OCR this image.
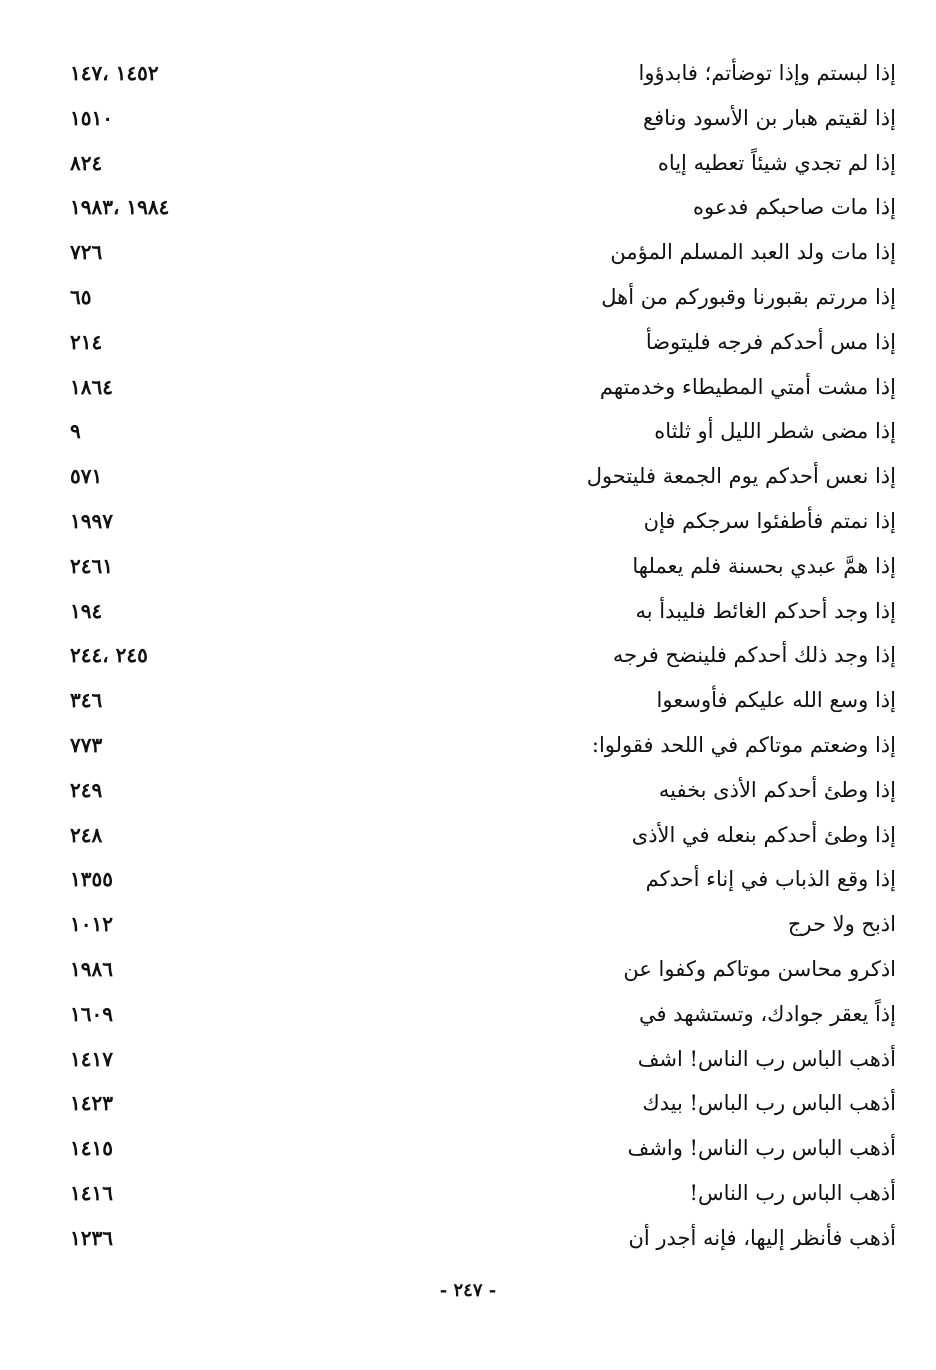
إذا لبستم وإذا توضأتم؛ فابدؤوا
١٤٥٢ ،١٤٧
إذا لقيتم هبار بن الأسود ونافع
١٥١٠
إذا لم تجدي شيئاً تعطيه إياه
٨٢٤
إذا مات صاحبكم فدعوه
١٩٨٤ ،١٩٨٣
إذا مات ولد العبد المسلم المؤمن
٧٢٦
إذا مررتم بقبورنا وقبوركم من أهل
٦٥
إذا مس أحدكم فرجه فليتوضأ
٢١٤
إذا مشت أمتي المطيطاء وخدمتهم
١٨٦٤
إذا مضى شطر الليل أو ثلثاه
٩
إذا نعس أحدكم يوم الجمعة فليتحول
٥٧١
إذا نمتم فأطفئوا سرجكم فإن
١٩٩٧
إذا همَّ عبدي بحسنة فلم يعملها
٢٤٦١
إذا وجد أحدكم الغائط فليبدأ به
١٩٤
إذا وجد ذلك أحدكم فلينضح فرجه
٢٤٥ ،٢٤٤
إذا وسع الله عليكم فأوسعوا
٣٤٦
إذا وضعتم موتاكم في اللحد فقولوا:
٧٧٣
إذا وطئ أحدكم الأذى بخفيه
٢٤٩
إذا وطئ أحدكم بنعله في الأذى
٢٤٨
إذا وقع الذباب في إناء أحدكم
١٣٥٥
اذبح ولا حرج
١٠١٢
اذكرو محاسن موتاكم وكفوا عن
١٩٨٦
إذاً يعقر جوادك، وتستشهد في
١٦٠٩
أذهب الباس رب الناس! اشف
١٤١٧
أذهب الباس رب الباس! بيدك
١٤٢٣
أذهب الباس رب الناس! واشف
١٤١٥
أذهب الباس رب الناس!
١٤١٦
أذهب فأنظر إليها، فإنه أجدر أن
١٢٣٦
- ٢٤٧ -
